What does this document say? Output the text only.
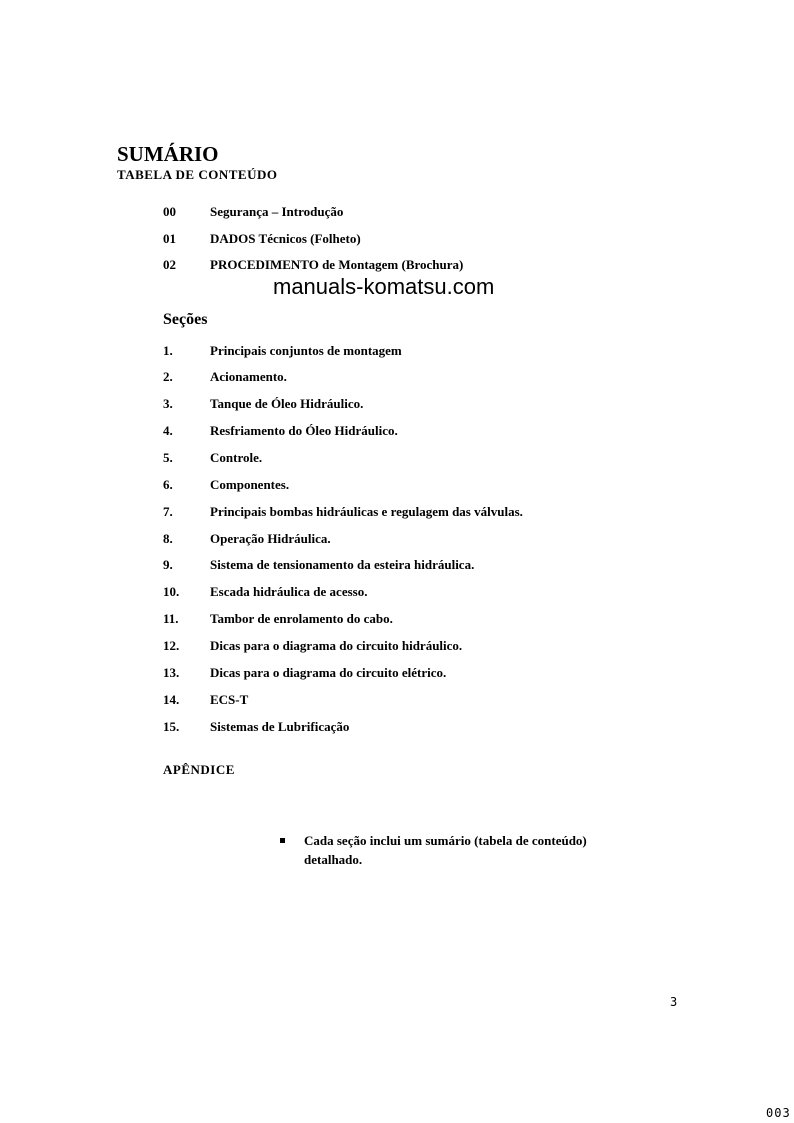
SUMÁRIO
TABELA DE CONTEÚDO
00	Segurança – Introdução
01	DADOS Técnicos (Folheto)
02	PROCEDIMENTO de Montagem (Brochura)
manuals-komatsu.com
Seções
1.	Principais conjuntos de montagem
2.	Acionamento.
3.	Tanque de Óleo Hidráulico.
4.	Resfriamento do Óleo Hidráulico.
5.	Controle.
6.	Componentes.
7.	Principais bombas hidráulicas e regulagem das válvulas.
8.	Operação Hidráulica.
9.	Sistema de tensionamento da esteira hidráulica.
10. Escada hidráulica de acesso.
11. Tambor de enrolamento do cabo.
12. Dicas para o diagrama do circuito hidráulico.
13. Dicas para o diagrama do circuito elétrico.
14. ECS-T
15. Sistemas de Lubrificação
APÊNDICE
Cada seção inclui um sumário (tabela de conteúdo)
detalhado.
3
003
